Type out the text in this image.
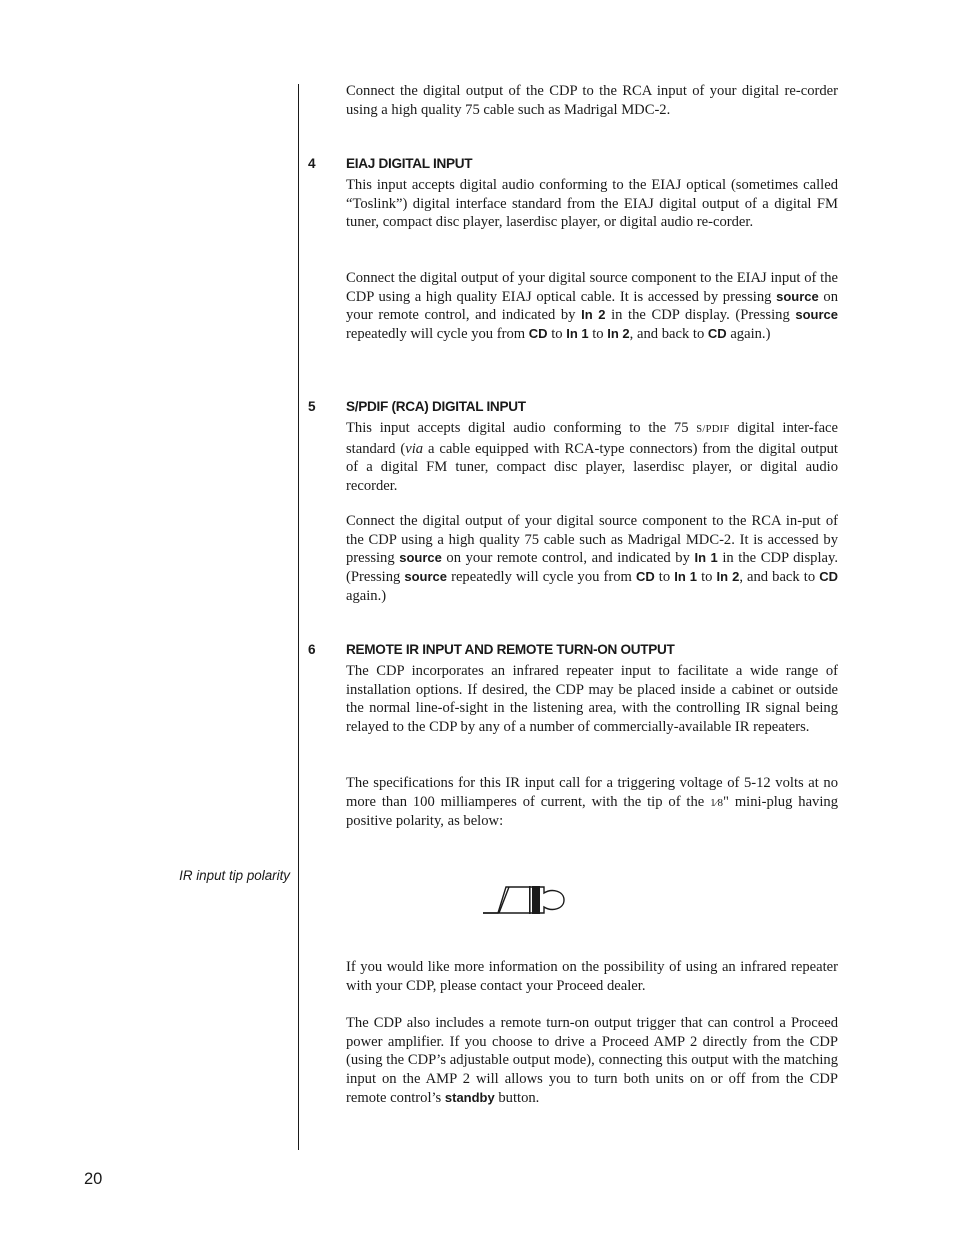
Connect the digital output of the CDP to the RCA input of your digital re-corder using a high quality 75 cable such as Madrigal MDC-2.

4 EIAJ DIGITAL INPUT

This input accepts digital audio conforming to the EIAJ optical (sometimes called “Toslink”) digital interface standard from the EIAJ digital output of a digital FM tuner, compact disc player, laserdisc player, or digital audio re-corder.

Connect the digital output of your digital source component to the EIAJ input of the CDP using a high quality EIAJ optical cable. It is accessed by pressing source on your remote control, and indicated by In 2 in the CDP display. (Pressing source repeatedly will cycle you from CD to In 1 to In 2, and back to CD again.)

5 S/PDIF (RCA) DIGITAL INPUT

This input accepts digital audio conforming to the 75 S/PDIF digital inter-face standard (via a cable equipped with RCA-type connectors) from the digital output of a digital FM tuner, compact disc player, laserdisc player, or digital audio recorder.

Connect the digital output of your digital source component to the RCA in-put of the CDP using a high quality 75 cable such as Madrigal MDC-2. It is accessed by pressing source on your remote control, and indicated by In 1 in the CDP display. (Pressing source repeatedly will cycle you from CD to In 1 to In 2, and back to CD again.)

6 REMOTE IR INPUT AND REMOTE TURN-ON OUTPUT

The CDP incorporates an infrared repeater input to facilitate a wide range of installation options. If desired, the CDP may be placed inside a cabinet or outside the normal line-of-sight in the listening area, with the controlling IR signal being relayed to the CDP by any of a number of commercially-available IR repeaters.

The specifications for this IR input call for a triggering voltage of 5-12 volts at no more than 100 milliamperes of current, with the tip of the 1⁄8" mini-plug having positive polarity, as below:

IR input tip polarity

If you would like more information on the possibility of using an infrared repeater with your CDP, please contact your Proceed dealer.

The CDP also includes a remote turn-on output trigger that can control a Proceed power amplifier. If you choose to drive a Proceed AMP 2 directly from the CDP (using the CDP’s adjustable output mode), connecting this output with the matching input on the AMP 2 will allows you to turn both units on or off from the CDP remote control’s standby button.

20
